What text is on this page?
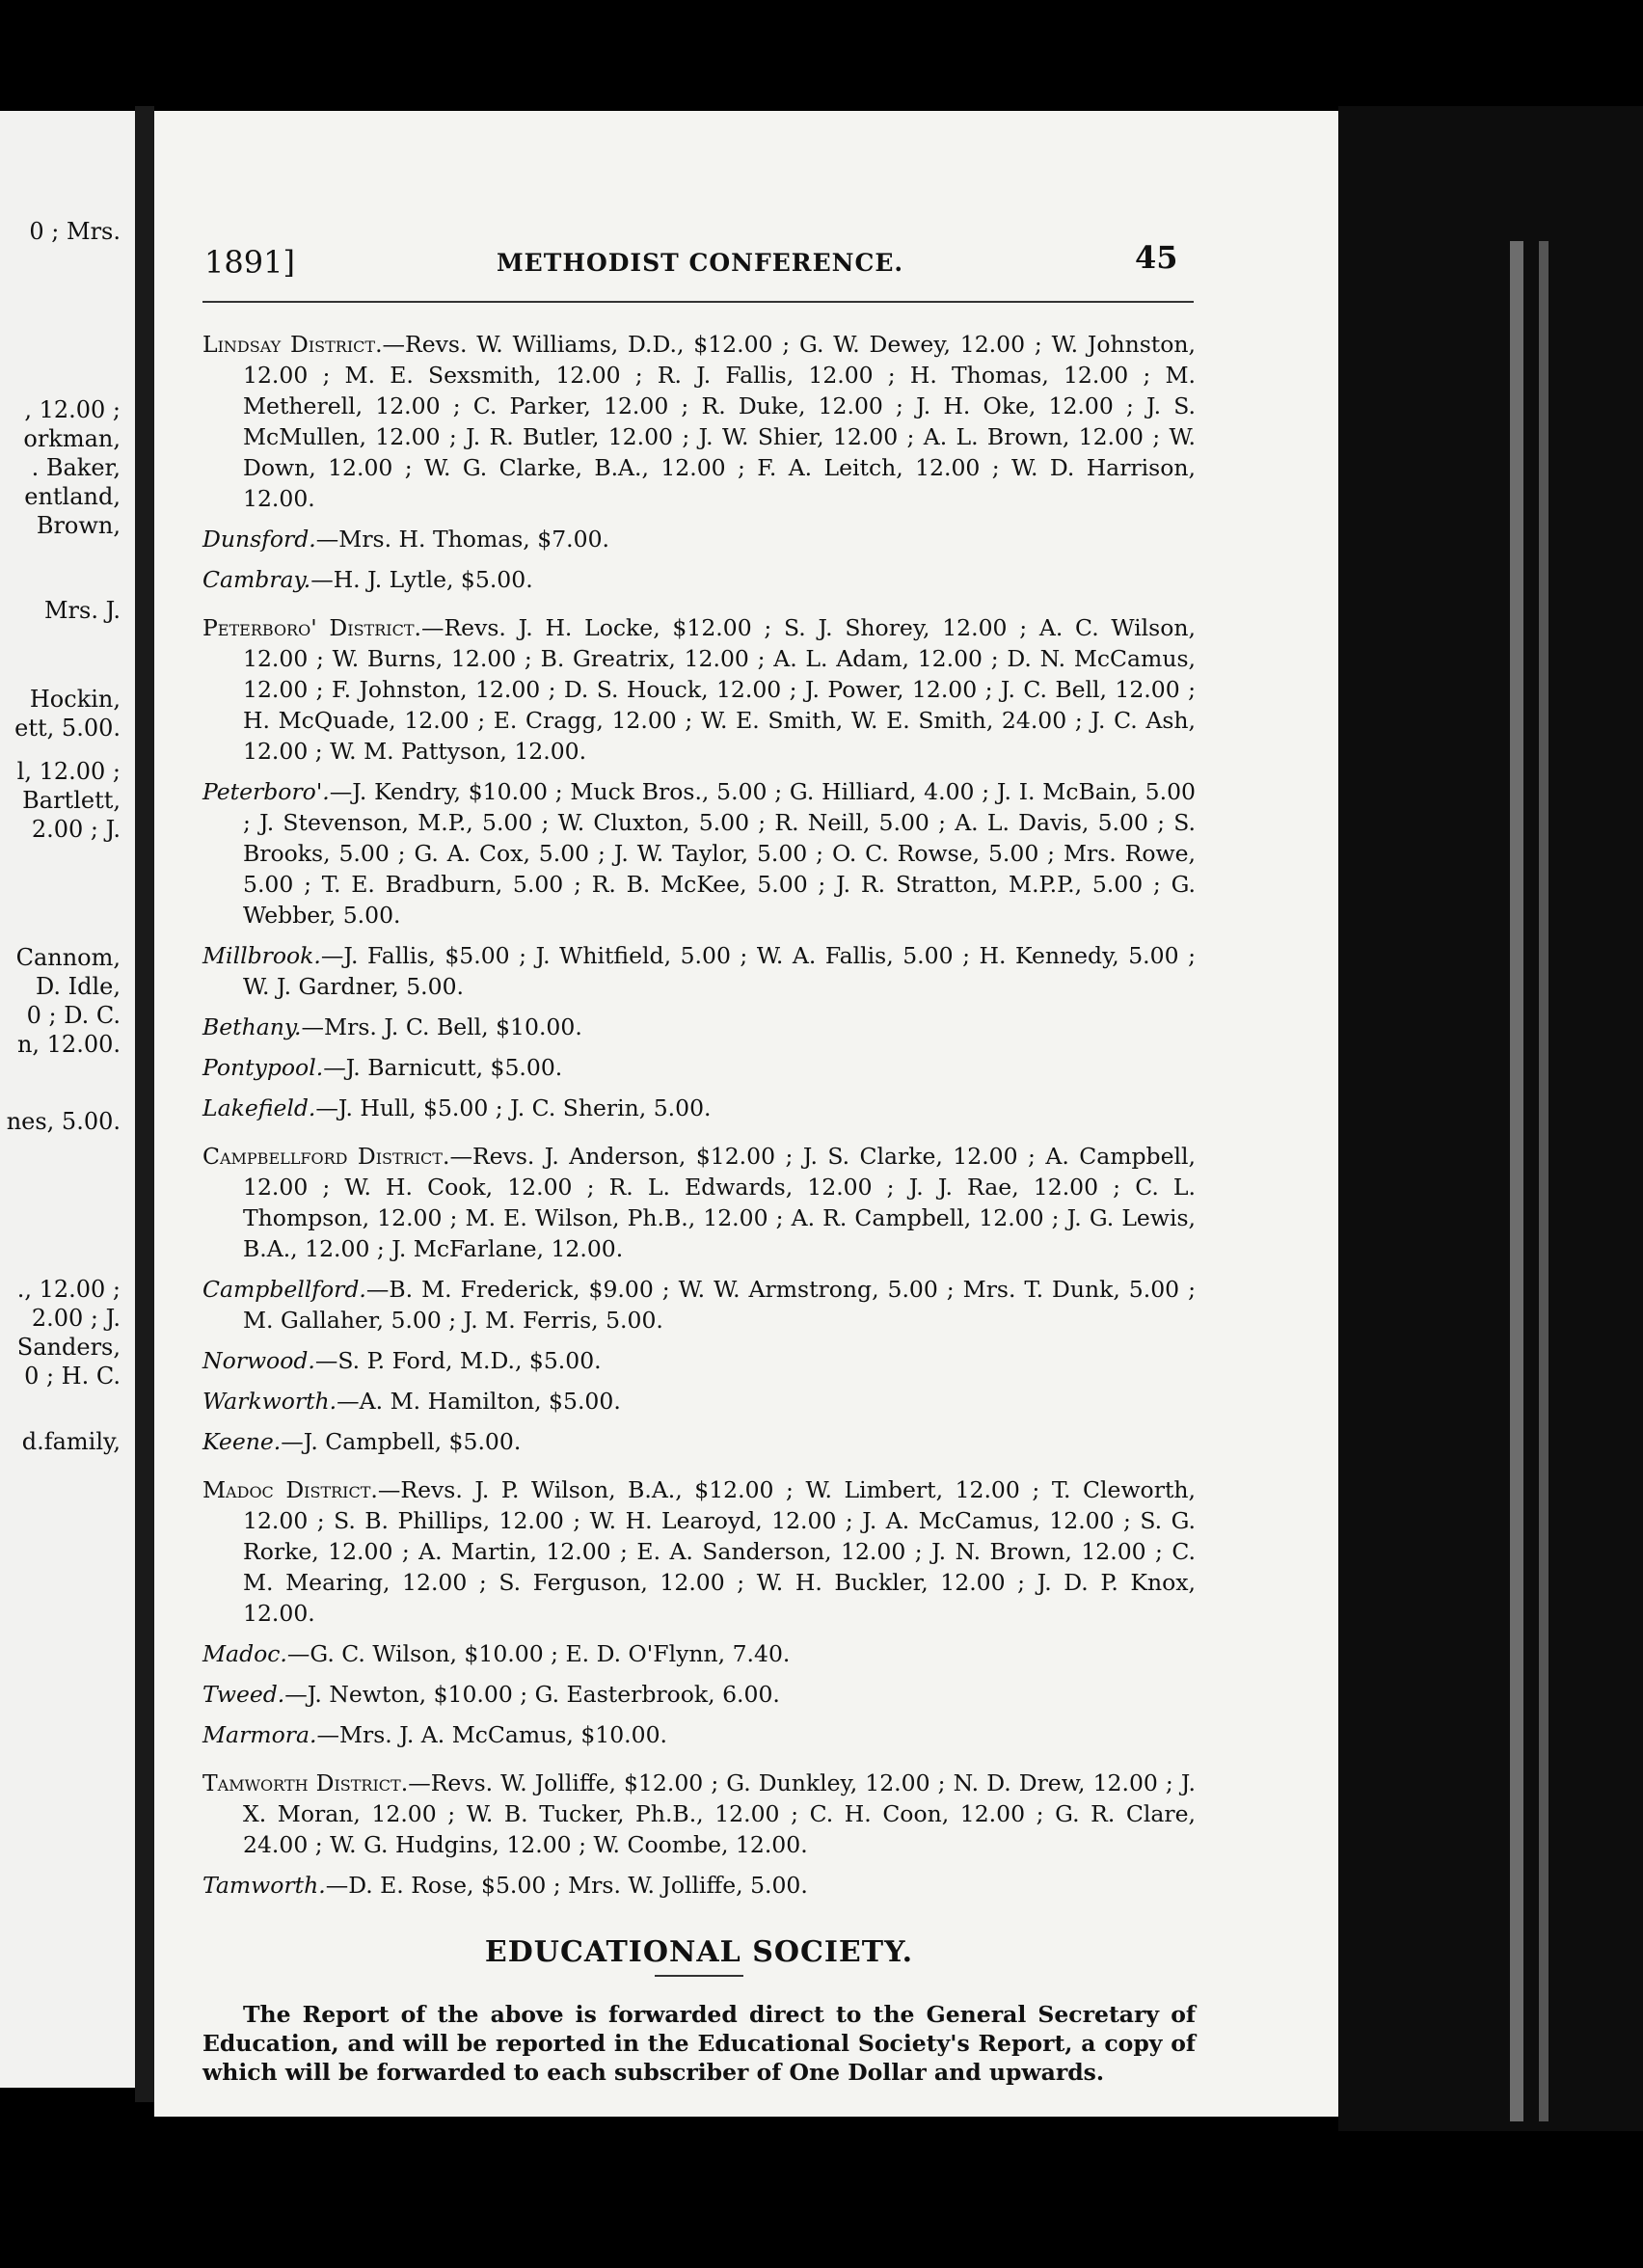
0 ; Mrs.
, 12.00 ;
orkman,
. Baker,
entland,
Brown,
Mrs. J.
Hockin,
ett, 5.00.
l, 12.00 ;
Bartlett,
2.00 ; J.
Cannom,
D. Idle,
0 ; D. C.
n, 12.00.
nes, 5.00.
., 12.00 ;
2.00 ; J.
Sanders,
0 ; H. C.
d.family,
1891]	METHODIST CONFERENCE.	45

Lindsay District.—Revs. W. Williams, D.D., $12.00 ; G. W. Dewey, 12.00 ; W. Johnston, 12.00 ; M. E. Sexsmith, 12.00 ; R. J. Fallis, 12.00 ; H. Thomas, 12.00 ; M. Metherell, 12.00 ; C. Parker, 12.00 ; R. Duke, 12.00 ; J. H. Oke, 12.00 ; J. S. McMullen, 12.00 ; J. R. Butler, 12.00 ; J. W. Shier, 12.00 ; A. L. Brown, 12.00 ; W. Down, 12.00 ; W. G. Clarke, B.A., 12.00 ; F. A. Leitch, 12.00 ; W. D. Harrison, 12.00.

Dunsford.—Mrs. H. Thomas, $7.00.

Cambray.—H. J. Lytle, $5.00.

Peterboro' District.—Revs. J. H. Locke, $12.00 ; S. J. Shorey, 12.00 ; A. C. Wilson, 12.00 ; W. Burns, 12.00 ; B. Greatrix, 12.00 ; A. L. Adam, 12.00 ; D. N. McCamus, 12.00 ; F. Johnston, 12.00 ; D. S. Houck, 12.00 ; J. Power, 12.00 ; J. C. Bell, 12.00 ; H. McQuade, 12.00 ; E. Cragg, 12.00 ; W. E. Smith, W. E. Smith, 24.00 ; J. C. Ash, 12.00 ; W. M. Pattyson, 12.00.

Peterboro'.—J. Kendry, $10.00 ; Muck Bros., 5.00 ; G. Hilliard, 4.00 ; J. I. McBain, 5.00 ; J. Stevenson, M.P., 5.00 ; W. Cluxton, 5.00 ; R. Neill, 5.00 ; A. L. Davis, 5.00 ; S. Brooks, 5.00 ; G. A. Cox, 5.00 ; J. W. Taylor, 5.00 ; O. C. Rowse, 5.00 ; Mrs. Rowe, 5.00 ; T. E. Bradburn, 5.00 ; R. B. McKee, 5.00 ; J. R. Stratton, M.P.P., 5.00 ; G. Webber, 5.00.

Millbrook.—J. Fallis, $5.00 ; J. Whitfield, 5.00 ; W. A. Fallis, 5.00 ; H. Kennedy, 5.00 ; W. J. Gardner, 5.00.

Bethany.—Mrs. J. C. Bell, $10.00.

Pontypool.—J. Barnicutt, $5.00.

Lakefield.—J. Hull, $5.00 ; J. C. Sherin, 5.00.

Campbellford District.—Revs. J. Anderson, $12.00 ; J. S. Clarke, 12.00 ; A. Campbell, 12.00 ; W. H. Cook, 12.00 ; R. L. Edwards, 12.00 ; J. J. Rae, 12.00 ; C. L. Thompson, 12.00 ; M. E. Wilson, Ph.B., 12.00 ; A. R. Campbell, 12.00 ; J. G. Lewis, B.A., 12.00 ; J. McFarlane, 12.00.

Campbellford.—B. M. Frederick, $9.00 ; W. W. Armstrong, 5.00 ; Mrs. T. Dunk, 5.00 ; M. Gallaher, 5.00 ; J. M. Ferris, 5.00.

Norwood.—S. P. Ford, M.D., $5.00.

Warkworth.—A. M. Hamilton, $5.00.

Keene.—J. Campbell, $5.00.

Madoc District.—Revs. J. P. Wilson, B.A., $12.00 ; W. Limbert, 12.00 ; T. Cleworth, 12.00 ; S. B. Phillips, 12.00 ; W. H. Learoyd, 12.00 ; J. A. McCamus, 12.00 ; S. G. Rorke, 12.00 ; A. Martin, 12.00 ; E. A. Sanderson, 12.00 ; J. N. Brown, 12.00 ; C. M. Mearing, 12.00 ; S. Ferguson, 12.00 ; W. H. Buckler, 12.00 ; J. D. P. Knox, 12.00.

Madoc.—G. C. Wilson, $10.00 ; E. D. O'Flynn, 7.40.

Tweed.—J. Newton, $10.00 ; G. Easterbrook, 6.00.

Marmora.—Mrs. J. A. McCamus, $10.00.

Tamworth District.—Revs. W. Jolliffe, $12.00 ; G. Dunkley, 12.00 ; N. D. Drew, 12.00 ; J. X. Moran, 12.00 ; W. B. Tucker, Ph.B., 12.00 ; C. H. Coon, 12.00 ; G. R. Clare, 24.00 ; W. G. Hudgins, 12.00 ; W. Coombe, 12.00.

Tamworth.—D. E. Rose, $5.00 ; Mrs. W. Jolliffe, 5.00.

EDUCATIONAL SOCIETY.

The Report of the above is forwarded direct to the General Secretary of Education, and will be reported in the Educational Society's Report, a copy of which will be forwarded to each subscriber of One Dollar and upwards.
